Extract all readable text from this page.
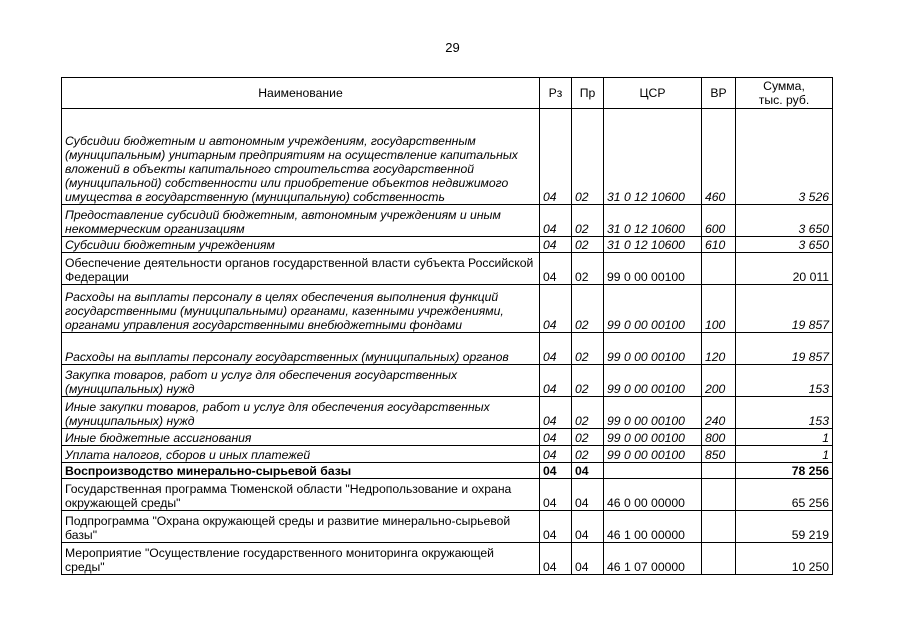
29
Наименование	Рз	Пр	ЦСР	ВР	Сумма,
тыс. руб.

Субсидии бюджетным и автономным учреждениям, государственным (муниципальным) унитарным предприятиям на осуществление капитальных вложений в объекты капитального строительства государственной (муниципальной) собственности или приобретение объектов недвижимого имущества в государственную (муниципальную) собственность	04	02	31 0 12 10600	460	3 526
Предоставление субсидий бюджетным, автономным учреждениям и иным некоммерческим организациям	04	02	31 0 12 10600	600	3 650
Субсидии бюджетным учреждениям	04	02	31 0 12 10600	610	3 650
Обеспечение деятельности органов государственной власти субъекта Российской Федерации	04	02	99 0 00 00100		20 011
Расходы на выплаты персоналу в целях обеспечения выполнения функций государственными (муниципальными) органами, казенными учреждениями, органами управления государственными внебюджетными фондами	04	02	99 0 00 00100	100	19 857
Расходы на выплаты персоналу государственных (муниципальных) органов	04	02	99 0 00 00100	120	19 857
Закупка товаров, работ и услуг для обеспечения государственных (муниципальных) нужд	04	02	99 0 00 00100	200	153
Иные закупки товаров, работ и услуг для обеспечения государственных (муниципальных) нужд	04	02	99 0 00 00100	240	153
Иные бюджетные ассигнования	04	02	99 0 00 00100	800	1
Уплата налогов, сборов и иных платежей	04	02	99 0 00 00100	850	1
Воспроизводство минерально-сырьевой базы	04	04			78 256
Государственная программа Тюменской области "Недропользование и охрана окружающей среды"	04	04	46 0 00 00000		65 256
Подпрограмма "Охрана окружающей среды и развитие минерально-сырьевой базы"	04	04	46 1 00 00000		59 219
Мероприятие "Осуществление государственного мониторинга окружающей среды"	04	04	46 1 07 00000		10 250
